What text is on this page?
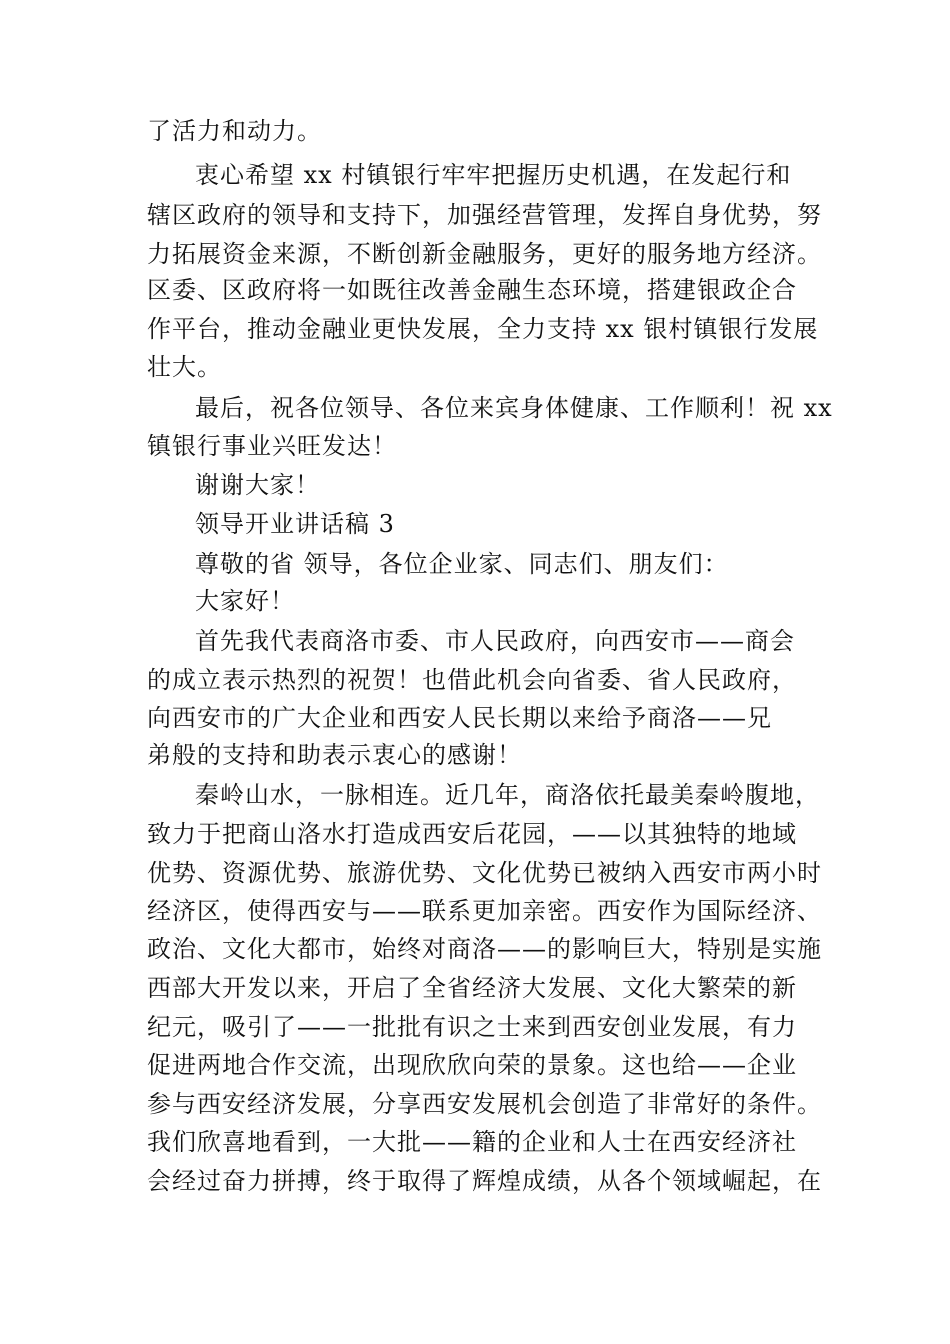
了活力和动力。
衷心希望 xx 村镇银行牢牢把握历史机遇，在发起行和
辖区政府的领导和支持下，加强经营管理，发挥自身优势，努
力拓展资金来源，不断创新金融服务，更好的服务地方经济。
区委、区政府将一如既往改善金融生态环境，搭建银政企合
作平台，推动金融业更快发展，全力支持 xx 银村镇银行发展
壮大。
最后，祝各位领导、各位来宾身体健康、工作顺利！祝 xx
镇银行事业兴旺发达！
谢谢大家！
领导开业讲话稿 3
尊敬的省 领导，各位企业家、同志们、朋友们：
大家好！
首先我代表商洛市委、市人民政府，向西安市——商会
的成立表示热烈的祝贺！也借此机会向省委、省人民政府，
向西安市的广大企业和西安人民长期以来给予商洛——兄
弟般的支持和助表示衷心的感谢！
秦岭山水，一脉相连。近几年，商洛依托最美秦岭腹地，
致力于把商山洛水打造成西安后花园，——以其独特的地域
优势、资源优势、旅游优势、文化优势已被纳入西安市两小时
经济区，使得西安与——联系更加亲密。西安作为国际经济、
政治、文化大都市，始终对商洛——的影响巨大，特别是实施
西部大开发以来，开启了全省经济大发展、文化大繁荣的新
纪元，吸引了——一批批有识之士来到西安创业发展，有力
促进两地合作交流，出现欣欣向荣的景象。这也给——企业
参与西安经济发展，分享西安发展机会创造了非常好的条件。
我们欣喜地看到，一大批——籍的企业和人士在西安经济社
会经过奋力拼搏，终于取得了辉煌成绩，从各个领域崛起，在
